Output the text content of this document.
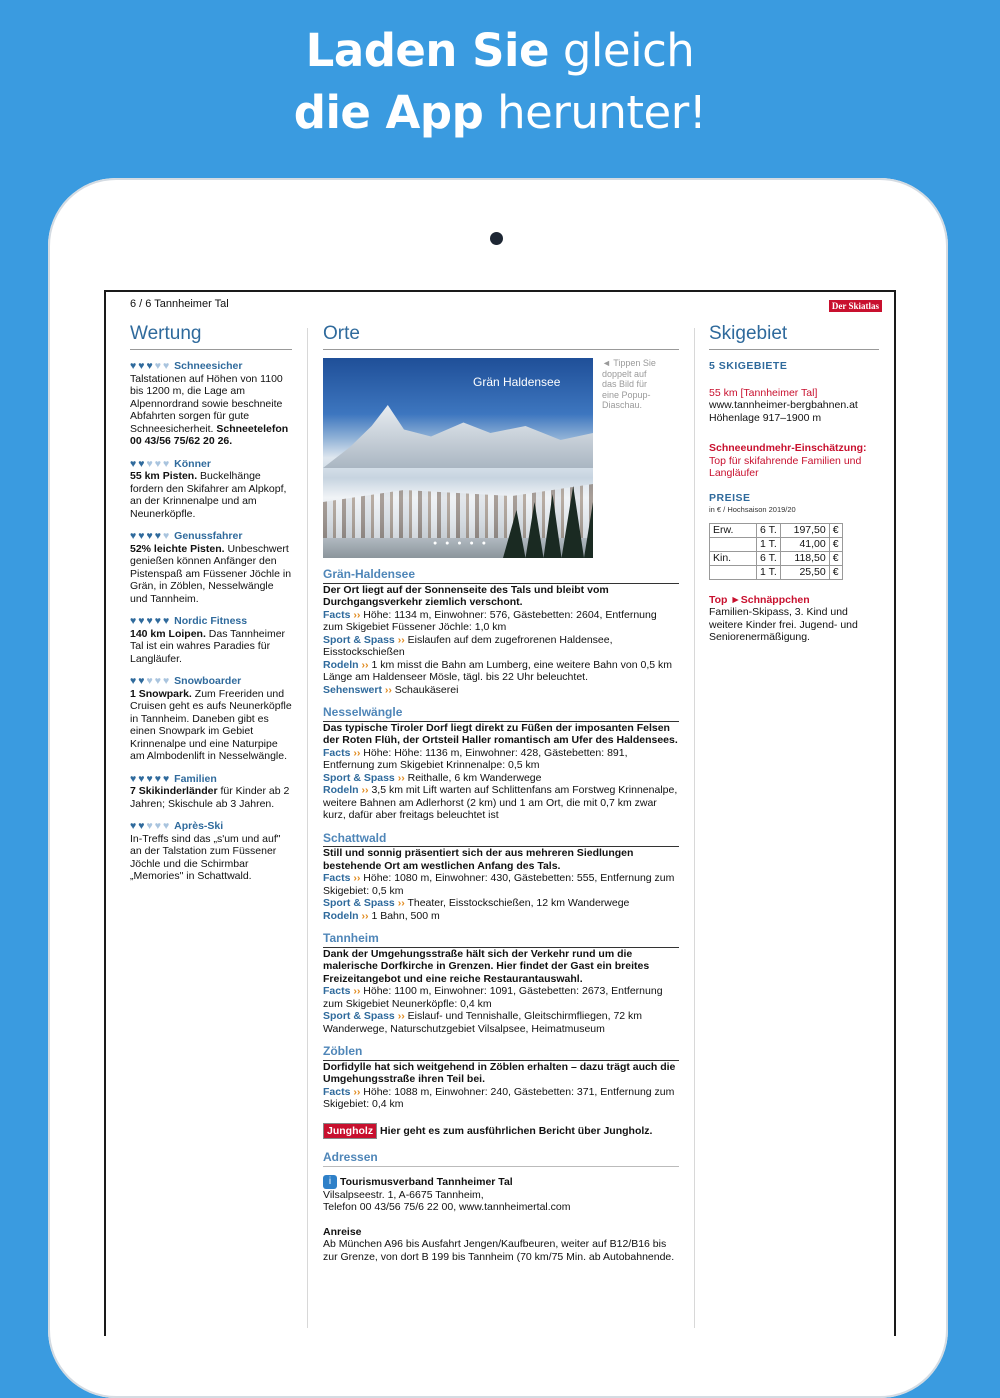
Laden Sie gleich
die App herunter!
6 / 6 Tannheimer Tal	Der Skiatlas
Wertung
♥♥♥♥♥ Schneesicher

Talstationen auf Höhen von 1100 bis 1200 m, die Lage am Alpennordrand sowie beschneite Abfahrten sorgen für gute Schneesicherheit. Schneetelefon 00 43/56 75/62 20 26.

♥♥♥♥♥ Könner

55 km Pisten. Buckelhänge fordern den Skifahrer am Alpkopf, an der Krinnenalpe und am Neunerköpfle.

♥♥♥♥♥ Genussfahrer

52% leichte Pisten. Unbeschwert genießen können Anfänger den Pistenspaß am Füssener Jöchle in Grän, in Zöblen, Nesselwängle und Tannheim.

♥♥♥♥♥ Nordic Fitness

140 km Loipen. Das Tannheimer Tal ist ein wahres Paradies für Langläufer.

♥♥♥♥♥ Snowboarder

1 Snowpark. Zum Freeriden und Cruisen geht es aufs Neunerköpfle in Tannheim. Daneben gibt es einen Snowpark im Gebiet Krinnenalpe und eine Naturpipe am Almbodenlift in Nesselwängle.

♥♥♥♥♥ Familien

7 Skikinderländer für Kinder ab 2 Jahren; Skischule ab 3 Jahren.

♥♥♥♥♥ Après-Ski

In-Treffs sind das „s'um und auf" an der Talstation zum Füssener Jöchle und die Schirmbar „Memories" in Schattwald.

Orte
Grän Haldensee
● ● ● ● ●
◄ Tippen Sie doppelt auf das Bild für eine Popup-Diaschau.
Grän-Haldensee

Der Ort liegt auf der Sonnenseite des Tals und bleibt vom Durchgangsverkehr ziemlich verschont.

Facts ›› Höhe: 1134 m, Einwohner: 576, Gästebetten: 2604, Entfernung zum Skigebiet Füssener Jöchle: 1,0 km

Sport & Spass ›› Eislaufen auf dem zugefrorenen Haldensee, Eisstockschießen

Rodeln ›› 1 km misst die Bahn am Lumberg, eine weitere Bahn von 0,5 km Länge am Haldenseer Mösle, tägl. bis 22 Uhr beleuchtet.

Sehenswert ›› Schaukäserei

Nesselwängle

Das typische Tiroler Dorf liegt direkt zu Füßen der imposanten Felsen der Roten Flüh, der Ortsteil Haller romantisch am Ufer des Haldensees.

Facts ›› Höhe: Höhe: 1136 m, Einwohner: 428, Gästebetten: 891, Entfernung zum Skigebiet Krinnenalpe: 0,5 km

Sport & Spass ›› Reithalle, 6 km Wanderwege

Rodeln ›› 3,5 km mit Lift warten auf Schlittenfans am Forstweg Krinnenalpe, weitere Bahnen am Adlerhorst (2 km) und 1 am Ort, die mit 0,7 km zwar kurz, dafür aber freitags beleuchtet ist

Schattwald

Still und sonnig präsentiert sich der aus mehreren Siedlungen bestehende Ort am westlichen Anfang des Tals.

Facts ›› Höhe: 1080 m, Einwohner: 430, Gästebetten: 555, Entfernung zum Skigebiet: 0,5 km

Sport & Spass ›› Theater, Eisstockschießen, 12 km Wanderwege

Rodeln ›› 1 Bahn, 500 m

Tannheim

Dank der Umgehungsstraße hält sich der Verkehr rund um die malerische Dorfkirche in Grenzen. Hier findet der Gast ein breites Freizeitangebot und eine reiche Restaurantauswahl.

Facts ›› Höhe: 1100 m, Einwohner: 1091, Gästebetten: 2673, Entfernung zum Skigebiet Neunerköpfle: 0,4 km

Sport & Spass ›› Eislauf- und Tennishalle, Gleitschirmfliegen, 72 km Wanderwege, Naturschutzgebiet Vilsalpsee, Heimatmuseum

Zöblen

Dorfidylle hat sich weitgehend in Zöblen erhalten – dazu trägt auch die Umgehungsstraße ihren Teil bei.

Facts ›› Höhe: 1088 m, Einwohner: 240, Gästebetten: 371, Entfernung zum Skigebiet: 0,4 km

Jungholz Hier geht es zum ausführlichen Bericht über Jungholz.
Adressen
i Tourismusverband Tannheimer Tal
Vilsalpseestr. 1, A-6675 Tannheim,
Telefon 00 43/56 75/6 22 00, www.tannheimertal.com
Anreise
Ab München A96 bis Ausfahrt Jengen/Kaufbeuren, weiter auf B12/B16 bis zur Grenze, von dort B 199 bis Tannheim (70 km/75 Min. ab Autobahnende.
Skigebiet
5 SKIGEBIETE
55 km [Tannheimer Tal]
www.tannheimer-bergbahnen.at
Höhenlage 917–1900 m
Schneeundmehr-Einschätzung:
Top für skifahrende Familien und Langläufer
PREISE
in € / Hochsaison 2019/20
Erw.	6 T.	197,50	€
	1 T.	41,00	€
Kin.	6 T.	118,50	€
	1 T.	25,50	€
Top ►Schnäppchen
Familien-Skipass, 3. Kind und weitere Kinder frei. Jugend- und Seniorenermäßigung.
